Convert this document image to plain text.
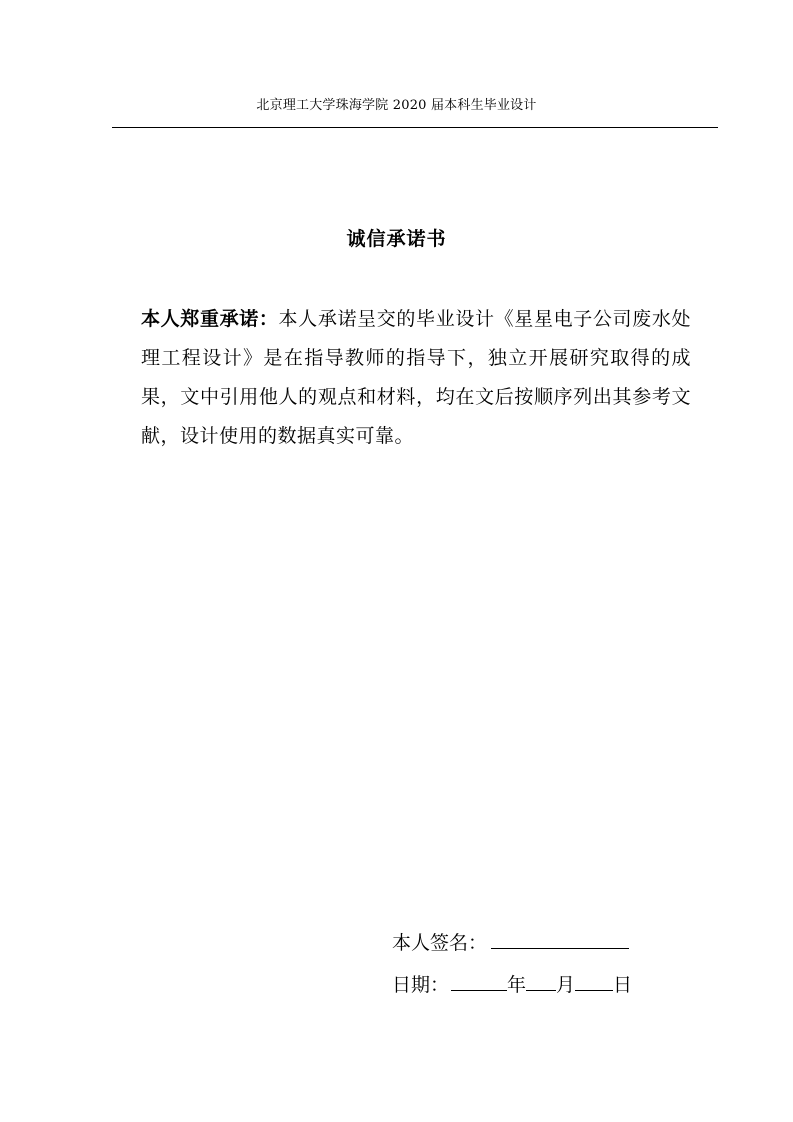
北京理工大学珠海学院 2020 届本科生毕业设计
诚信承诺书
本人郑重承诺：本人承诺呈交的毕业设计《星星电子公司废水处理工程设计》是在指导教师的指导下，独立开展研究取得的成果，文中引用他人的观点和材料，均在文后按顺序列出其参考文献，设计使用的数据真实可靠。
本人签名：
日期：	年 月 日
